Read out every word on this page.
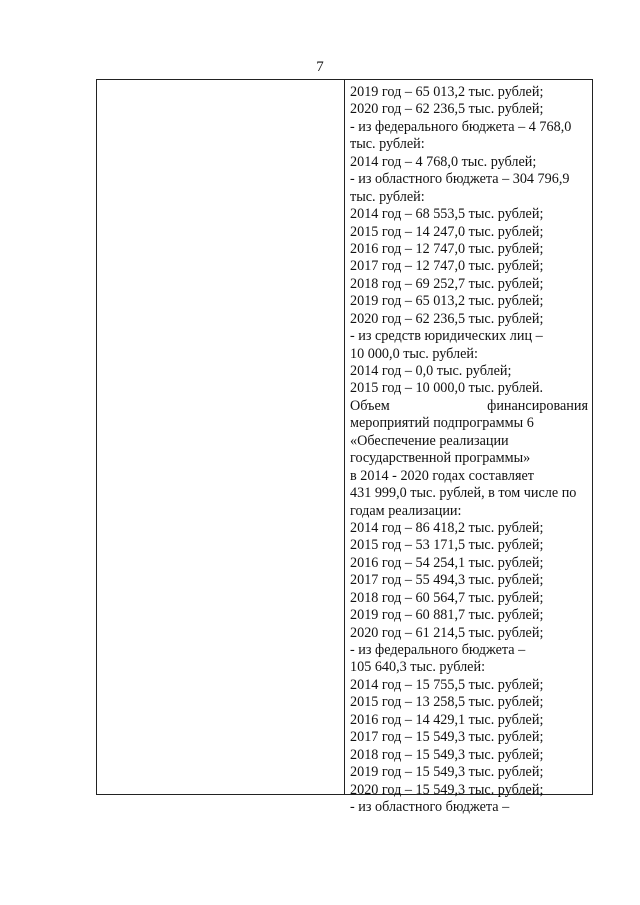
7
2019 год – 65 013,2 тыс. рублей;
2020 год – 62 236,5 тыс. рублей;
- из федерального бюджета – 4 768,0
тыс. рублей:
2014 год – 4 768,0 тыс. рублей;
- из областного бюджета – 304 796,9
тыс. рублей:
2014 год – 68 553,5 тыс. рублей;
2015 год – 14 247,0 тыс. рублей;
2016 год – 12 747,0 тыс. рублей;
2017 год – 12 747,0 тыс. рублей;
2018 год – 69 252,7 тыс. рублей;
2019 год – 65 013,2 тыс. рублей;
2020 год – 62 236,5 тыс. рублей;
- из средств юридических лиц –
10 000,0 тыс. рублей:
2014 год – 0,0 тыс. рублей;
2015 год – 10 000,0 тыс. рублей.
Объем финансирования
мероприятий подпрограммы 6
«Обеспечение реализации
государственной программы»
в 2014 - 2020 годах составляет
431 999,0 тыс. рублей, в том числе по
годам реализации:
2014 год – 86 418,2 тыс. рублей;
2015 год – 53 171,5 тыс. рублей;
2016 год – 54 254,1 тыс. рублей;
2017 год – 55 494,3 тыс. рублей;
2018 год – 60 564,7 тыс. рублей;
2019 год – 60 881,7 тыс. рублей;
2020 год – 61 214,5 тыс. рублей;
- из федерального бюджета –
105 640,3 тыс. рублей:
2014 год – 15 755,5 тыс. рублей;
2015 год – 13 258,5 тыс. рублей;
2016 год – 14 429,1 тыс. рублей;
2017 год – 15 549,3 тыс. рублей;
2018 год – 15 549,3 тыс. рублей;
2019 год – 15 549,3 тыс. рублей;
2020 год – 15 549,3 тыс. рублей;
- из областного бюджета –
